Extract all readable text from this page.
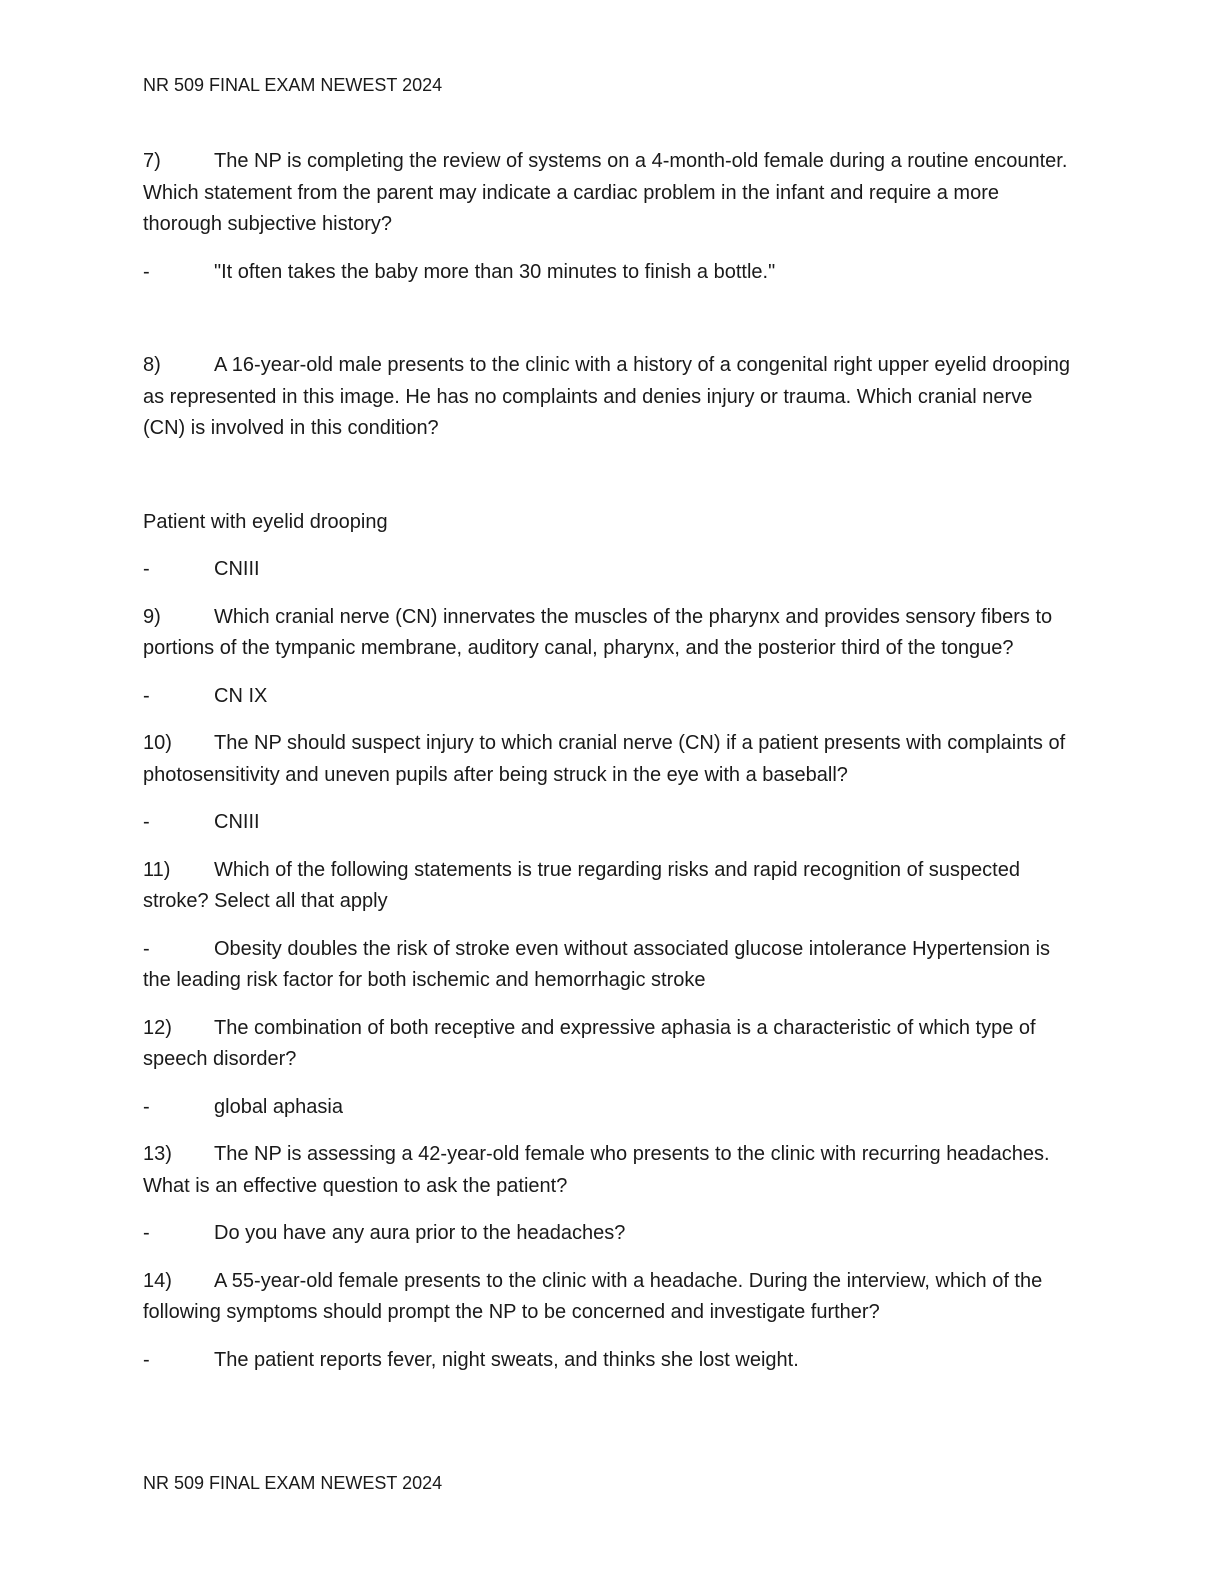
NR 509 FINAL EXAM NEWEST 2024

7)	The NP is completing the review of systems on a 4-month-old female during a routine encounter. Which statement from the parent may indicate a cardiac problem in the infant and require a more thorough subjective history?

-	"It often takes the baby more than 30 minutes to finish a bottle."

8)	A 16-year-old male presents to the clinic with a history of a congenital right upper eyelid drooping as represented in this image. He has no complaints and denies injury or trauma. Which cranial nerve (CN) is involved in this condition?

Patient with eyelid drooping

-	CNIII

9)	Which cranial nerve (CN) innervates the muscles of the pharynx and provides sensory fibers to portions of the tympanic membrane, auditory canal, pharynx, and the posterior third of the tongue?

-	CN IX

10) The NP should suspect injury to which cranial nerve (CN) if a patient presents with complaints of photosensitivity and uneven pupils after being struck in the eye with a baseball?

-	CNIII

11) Which of the following statements is true regarding risks and rapid recognition of suspected stroke? Select all that apply

-	Obesity doubles the risk of stroke even without associated glucose intolerance Hypertension is the leading risk factor for both ischemic and hemorrhagic stroke

12) The combination of both receptive and expressive aphasia is a characteristic of which type of speech disorder?

-	global aphasia

13) The NP is assessing a 42-year-old female who presents to the clinic with recurring headaches. What is an effective question to ask the patient?

-	Do you have any aura prior to the headaches?

14) A 55-year-old female presents to the clinic with a headache. During the interview, which of the following symptoms should prompt the NP to be concerned and investigate further?

-	The patient reports fever, night sweats, and thinks she lost weight.

NR 509 FINAL EXAM NEWEST 2024
